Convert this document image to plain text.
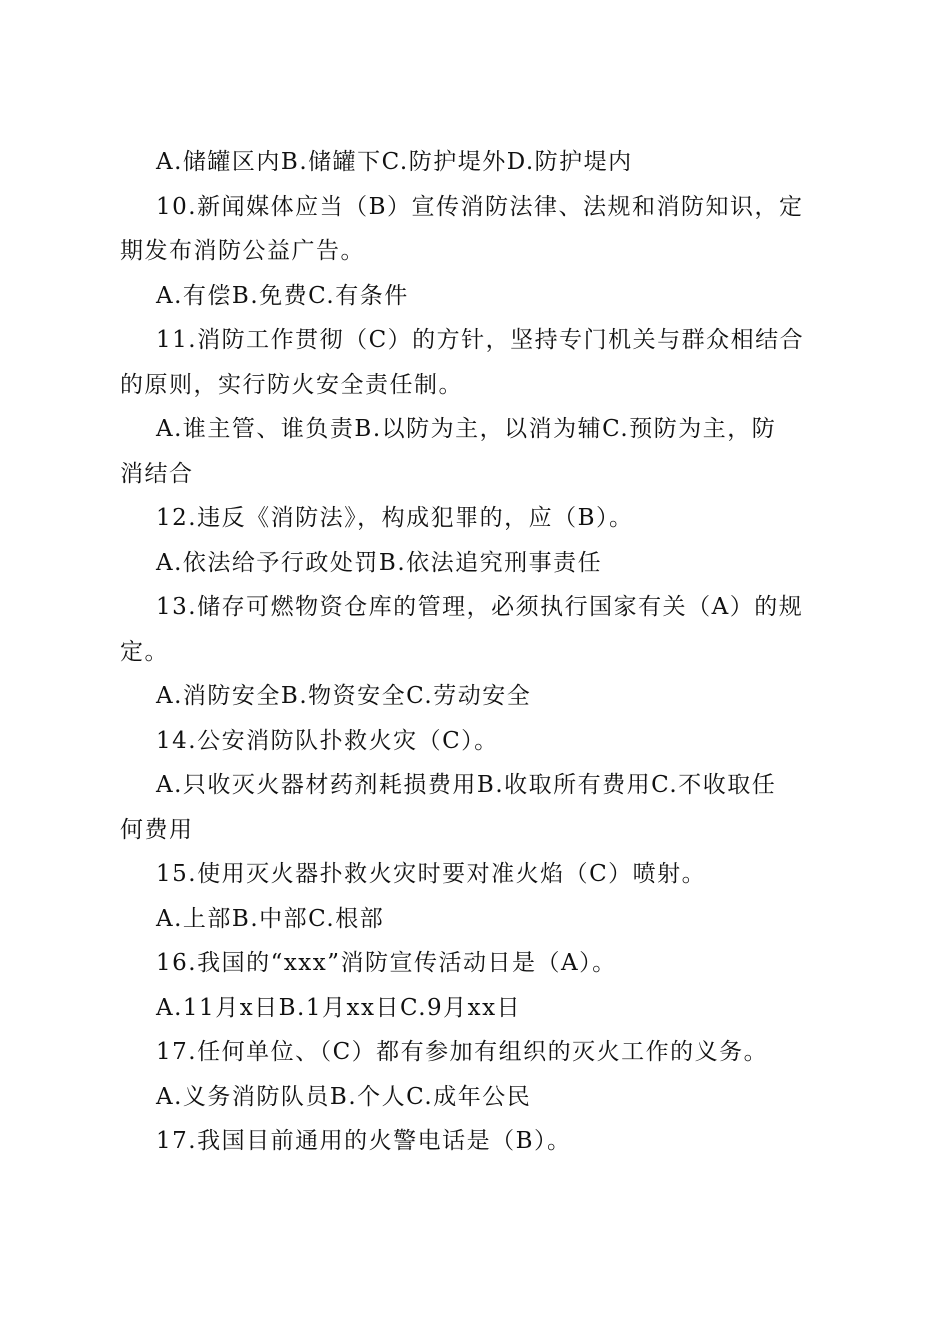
A.储罐区内B.储罐下C.防护堤外D.防护堤内
10.新闻媒体应当（B）宣传消防法律、法规和消防知识，定
期发布消防公益广告。
A.有偿B.免费C.有条件
11.消防工作贯彻（C）的方针，坚持专门机关与群众相结合
的原则，实行防火安全责任制。
A.谁主管、谁负责B.以防为主，以消为辅C.预防为主，防
消结合
12.违反《消防法》，构成犯罪的，应（B）。
A.依法给予行政处罚B.依法追究刑事责任
13.储存可燃物资仓库的管理，必须执行国家有关（A）的规
定。
A.消防安全B.物资安全C.劳动安全
14.公安消防队扑救火灾（C）。
A.只收灭火器材药剂耗损费用B.收取所有费用C.不收取任
何费用
15.使用灭火器扑救火灾时要对准火焰（C）喷射。
A.上部B.中部C.根部
16.我国的“xxx”消防宣传活动日是（A）。
A.11月x日B.1月xx日C.9月xx日
17.任何单位、（C）都有参加有组织的灭火工作的义务。
A.义务消防队员B.个人C.成年公民
17.我国目前通用的火警电话是（B）。
